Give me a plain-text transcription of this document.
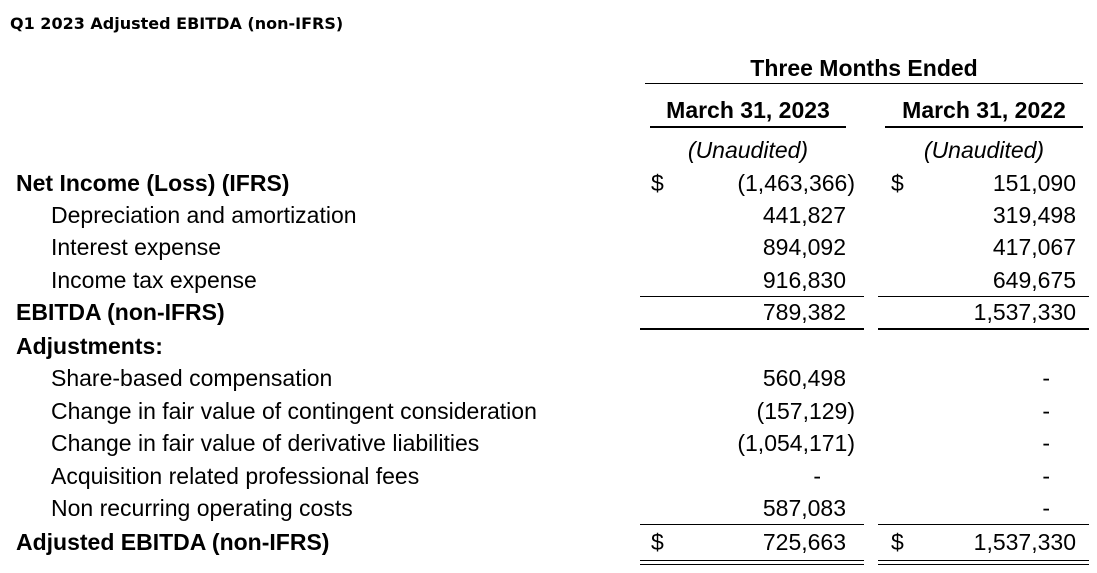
Q1 2023 Adjusted EBITDA (non-IFRS)
Three Months Ended
March 31, 2023	March 31, 2022
(Unaudited)	(Unaudited)
Net Income (Loss) (IFRS)	$	(1,463,366) $	151,090
Depreciation and amortization	441,827	319,498
Interest expense	894,092	417,067
Income tax expense	916,830	649,675
EBITDA (non-IFRS)	789,382	1,537,330
Adjustments:
Share-based compensation	560,498	-
Change in fair value of contingent consideration	(157,129)	-
Change in fair value of derivative liabilities	(1,054,171)	-
Acquisition related professional fees	-	-
Non recurring operating costs	587,083	-
Adjusted EBITDA (non-IFRS)	$	725,663 $	1,537,330
